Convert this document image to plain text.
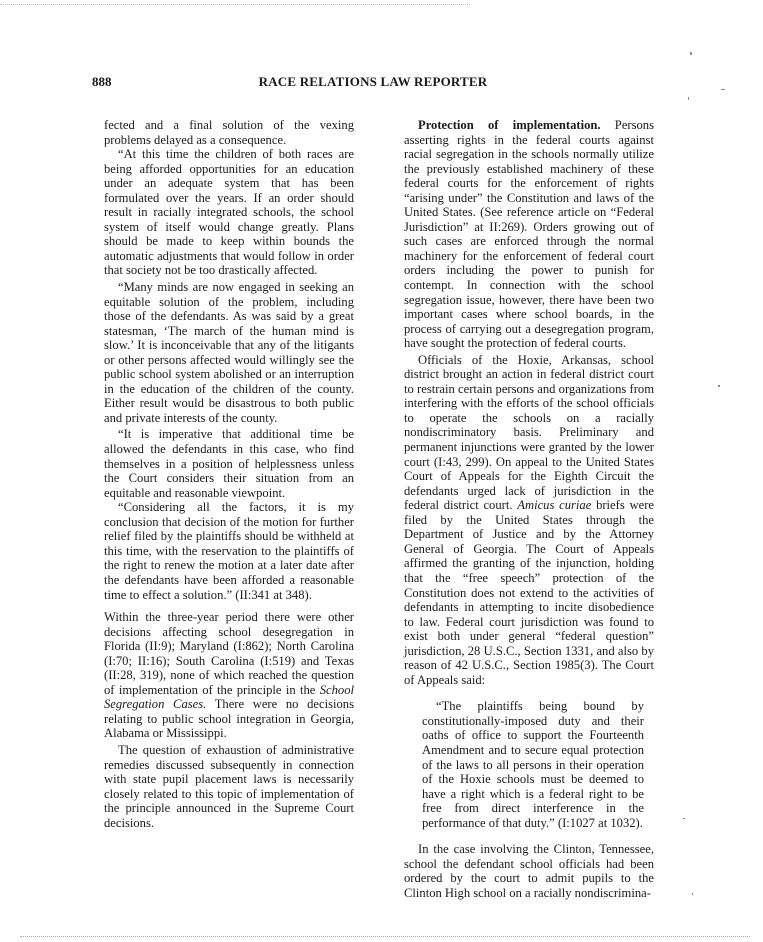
888	RACE RELATIONS LAW REPORTER

fected and a final solution of the vexing problems delayed as a consequence.

“At this time the children of both races are being afforded opportunities for an education under an adequate system that has been formulated over the years. If an order should result in racially integrated schools, the school system of itself would change greatly. Plans should be made to keep within bounds the automatic adjustments that would follow in order that society not be too drastically affected.

“Many minds are now engaged in seeking an equitable solution of the problem, including those of the defendants. As was said by a great statesman, ‘The march of the human mind is slow.’ It is inconceivable that any of the litigants or other persons affected would willingly see the public school system abolished or an interruption in the education of the children of the county. Either result would be disastrous to both public and private interests of the county.

“It is imperative that additional time be allowed the defendants in this case, who find themselves in a position of helplessness unless the Court considers their situation from an equitable and reasonable viewpoint.

“Considering all the factors, it is my conclusion that decision of the motion for further relief filed by the plaintiffs should be withheld at this time, with the reservation to the plaintiffs of the right to renew the motion at a later date after the defendants have been afforded a reasonable time to effect a solution.” (II:341 at 348).

Within the three-year period there were other decisions affecting school desegregation in Florida (II:9); Maryland (I:862); North Carolina (I:70; II:16); South Carolina (I:519) and Texas (II:28, 319), none of which reached the question of implementation of the principle in the School Segregation Cases. There were no decisions relating to public school integration in Georgia, Alabama or Mississippi.

The question of exhaustion of administrative remedies discussed subsequently in connection with state pupil placement laws is necessarily closely related to this topic of implementation of the principle announced in the Supreme Court decisions.

Protection of implementation. Persons asserting rights in the federal courts against racial segregation in the schools normally utilize the previously established machinery of these federal courts for the enforcement of rights “arising under” the Constitution and laws of the United States. (See reference article on “Federal Jurisdiction” at II:269). Orders growing out of such cases are enforced through the normal machinery for the enforcement of federal court orders including the power to punish for contempt. In connection with the school segregation issue, however, there have been two important cases where school boards, in the process of carrying out a desegregation program, have sought the protection of federal courts.

Officials of the Hoxie, Arkansas, school district brought an action in federal district court to restrain certain persons and organizations from interfering with the efforts of the school officials to operate the schools on a racially nondiscriminatory basis. Preliminary and permanent injunctions were granted by the lower court (I:43, 299). On appeal to the United States Court of Appeals for the Eighth Circuit the defendants urged lack of jurisdiction in the federal district court. Amicus curiae briefs were filed by the United States through the Department of Justice and by the Attorney General of Georgia. The Court of Appeals affirmed the granting of the injunction, holding that the “free speech” protection of the Constitution does not extend to the activities of defendants in attempting to incite disobedience to law. Federal court jurisdiction was found to exist both under general “federal question” jurisdiction, 28 U.S.C., Section 1331, and also by reason of 42 U.S.C., Section 1985(3). The Court of Appeals said:

“The plaintiffs being bound by constitutionally-imposed duty and their oaths of office to support the Fourteenth Amendment and to secure equal protection of the laws to all persons in their operation of the Hoxie schools must be deemed to have a right which is a federal right to be free from direct interference in the performance of that duty.” (I:1027 at 1032).

In the case involving the Clinton, Tennessee, school the defendant school officials had been ordered by the court to admit pupils to the Clinton High school on a racially nondiscrimina-
